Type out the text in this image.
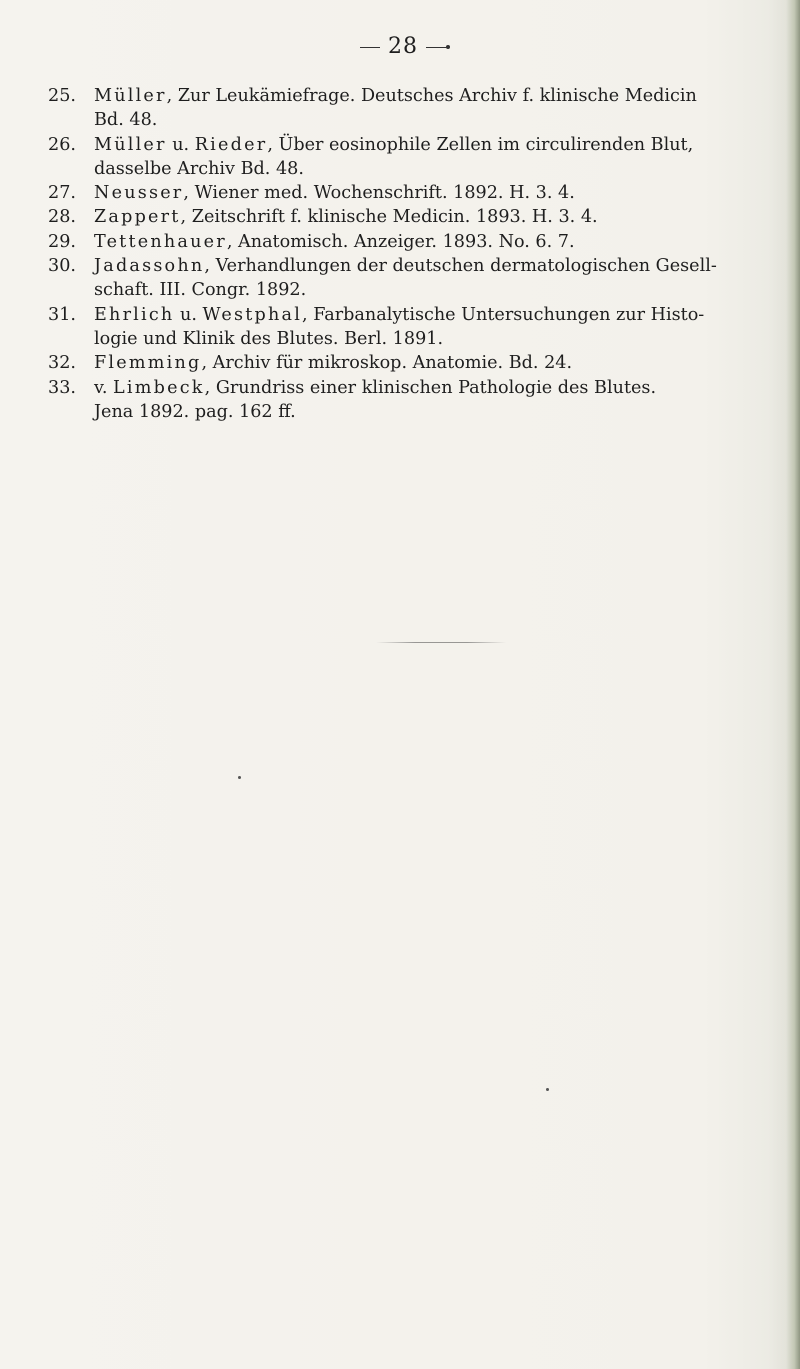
28
25.	Müller, Zur Leukämiefrage. Deutsches Archiv f. klinische Medicin
Bd. 48.
26.	Müller u. Rieder, Über eosinophile Zellen im circulirenden Blut,
dasselbe Archiv Bd. 48.
27.	Neusser, Wiener med. Wochenschrift. 1892. H. 3. 4.
28.	Zappert, Zeitschrift f. klinische Medicin. 1893. H. 3. 4.
29.	Tettenhauer, Anatomisch. Anzeiger. 1893. No. 6. 7.
30.	Jadassohn, Verhandlungen der deutschen dermatologischen Gesell-
schaft. III. Congr. 1892.
31.	Ehrlich u. Westphal, Farbanalytische Untersuchungen zur Histo-
logie und Klinik des Blutes. Berl. 1891.
32.	Flemming, Archiv für mikroskop. Anatomie. Bd. 24.
33.	v. Limbeck, Grundriss einer klinischen Pathologie des Blutes.
Jena 1892. pag. 162 ff.
